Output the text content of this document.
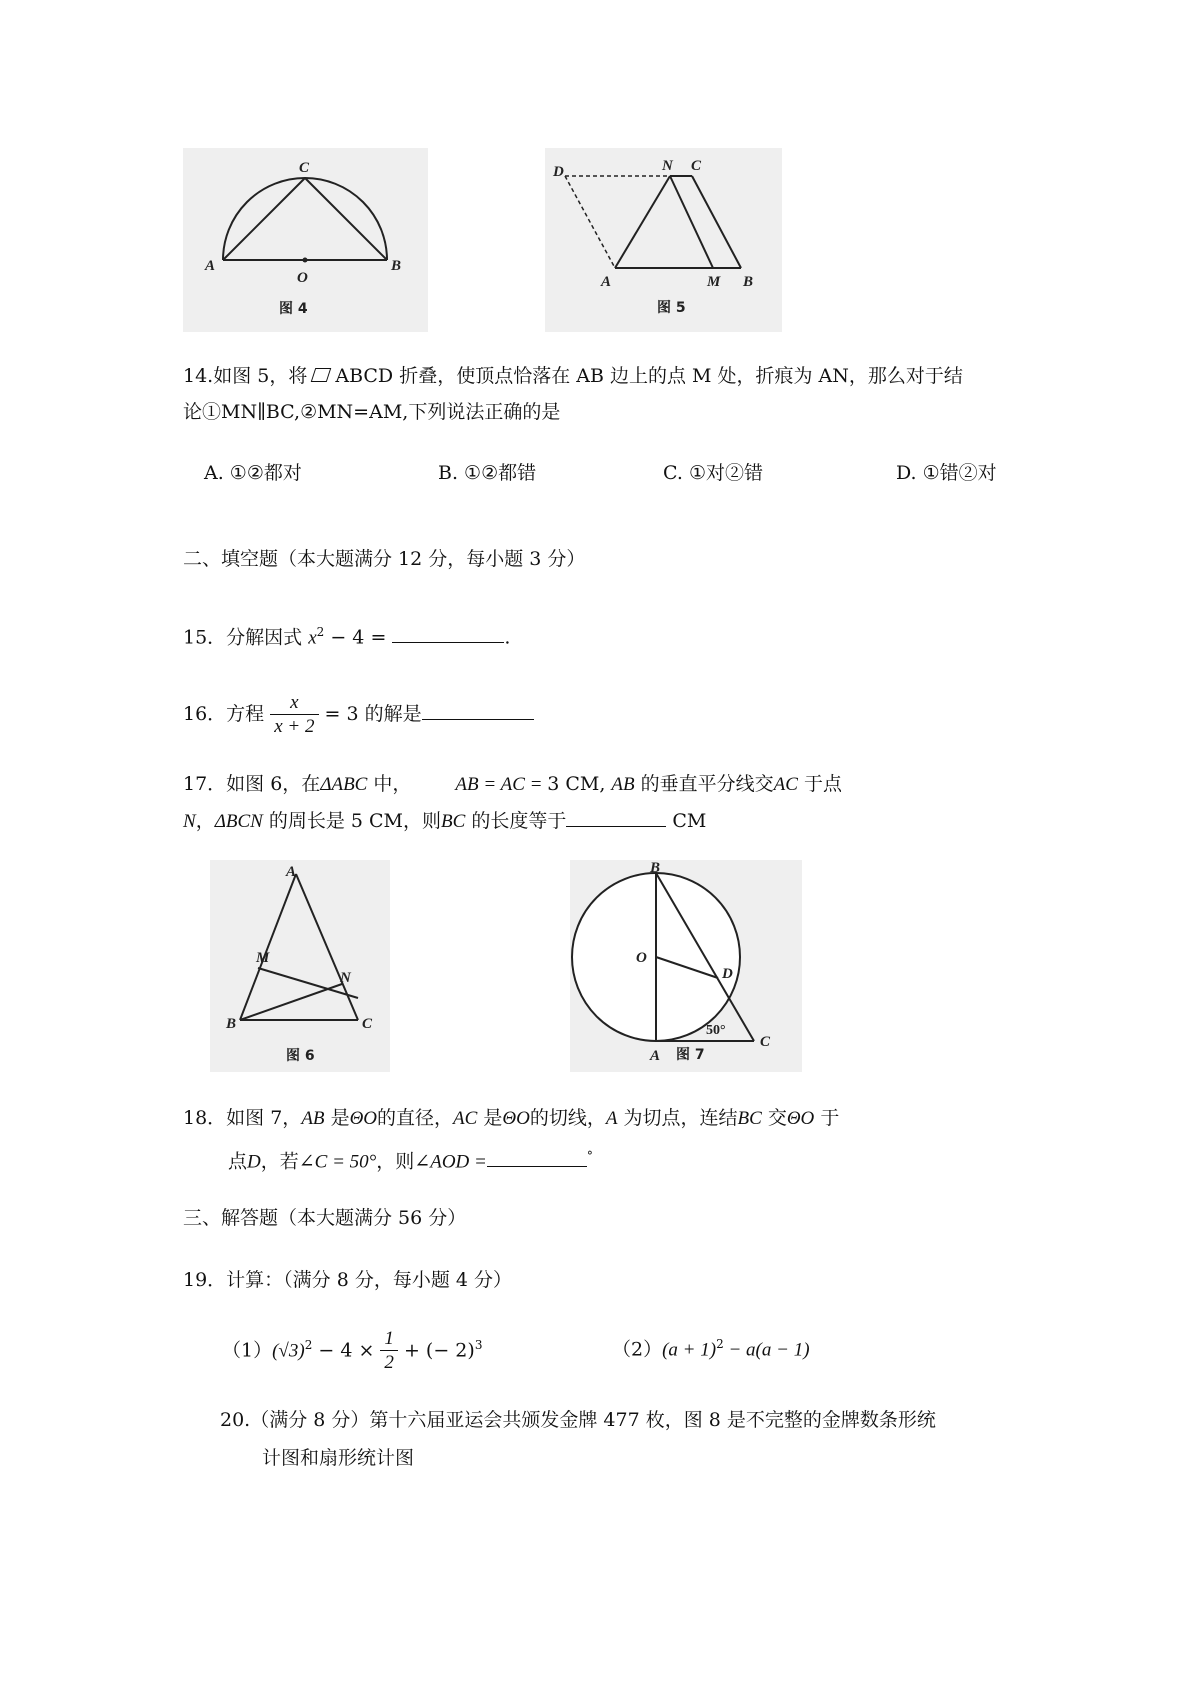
C
A
O
B
图 4
D	N C
A	M B
图 5
14.如图 5，将 ABCD 折叠，使顶点恰落在 AB 边上的点 M 处，折痕为 AN，那么对于结
论①MN∥BC,②MN=AM,下列说法正确的是
A. ①②都对	B. ①②都错	C. ①对②错	D. ①错②对
二、填空题（本大题满分 12 分，每小题 3 分）
15．分解因式 $x^2 - 4$ =	.
16．方程 $\frac{x}{x + 2} = 3$ 的解是
17．如图 6，在ΔABC 中， AB = AC = 3 CM, AB 的垂直平分线交AC 于点
N，ΔBCN 的周长是 5 CM，则BC 的长度等于	CM
A
M
N
B	C
图 6
B
O
D
50°
A
C
图 7
18．如图 7，AB 是ΘO的直径，AC 是ΘO的切线，A 为切点，连结BC 交ΘO 于
点D，若∠C = 50°，则∠AOD =	°
三、解答题（本大题满分 56 分）
19．计算：（满分 8 分，每小题 4 分）
$(1)(√3)^2 - 4 \times \frac{1}{2}$ + (− 2)$^3$	$(2)(a + 1)^2 - a(a - 1)$
20.（满分 8 分）第十六届亚运会共颁发金牌 477 枚，图 8 是不完整的金牌数条形统
计图和扇形统计图
